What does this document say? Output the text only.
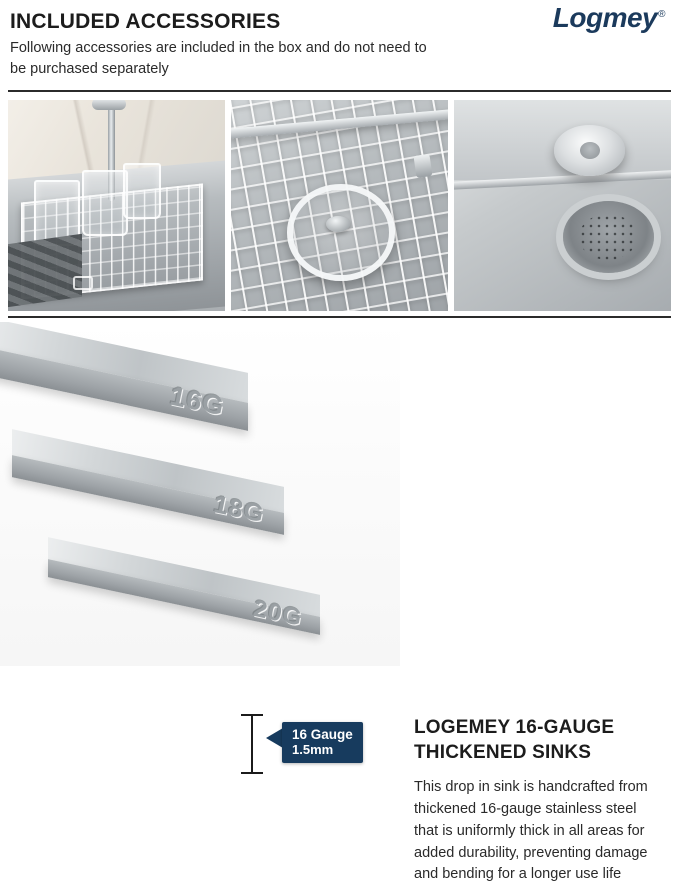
INCLUDED ACCESSORIES
Following accessories are included in the box and do not need to be purchased separately
Logmey®
16G
18G
20G
16 Gauge
1.5mm
LOGEMEY 16-GAUGE THICKENED SINKS
This drop in sink is handcrafted from thickened 16-gauge stainless steel that is uniformly thick in all areas for added durability, preventing damage and bending for a longer use life
